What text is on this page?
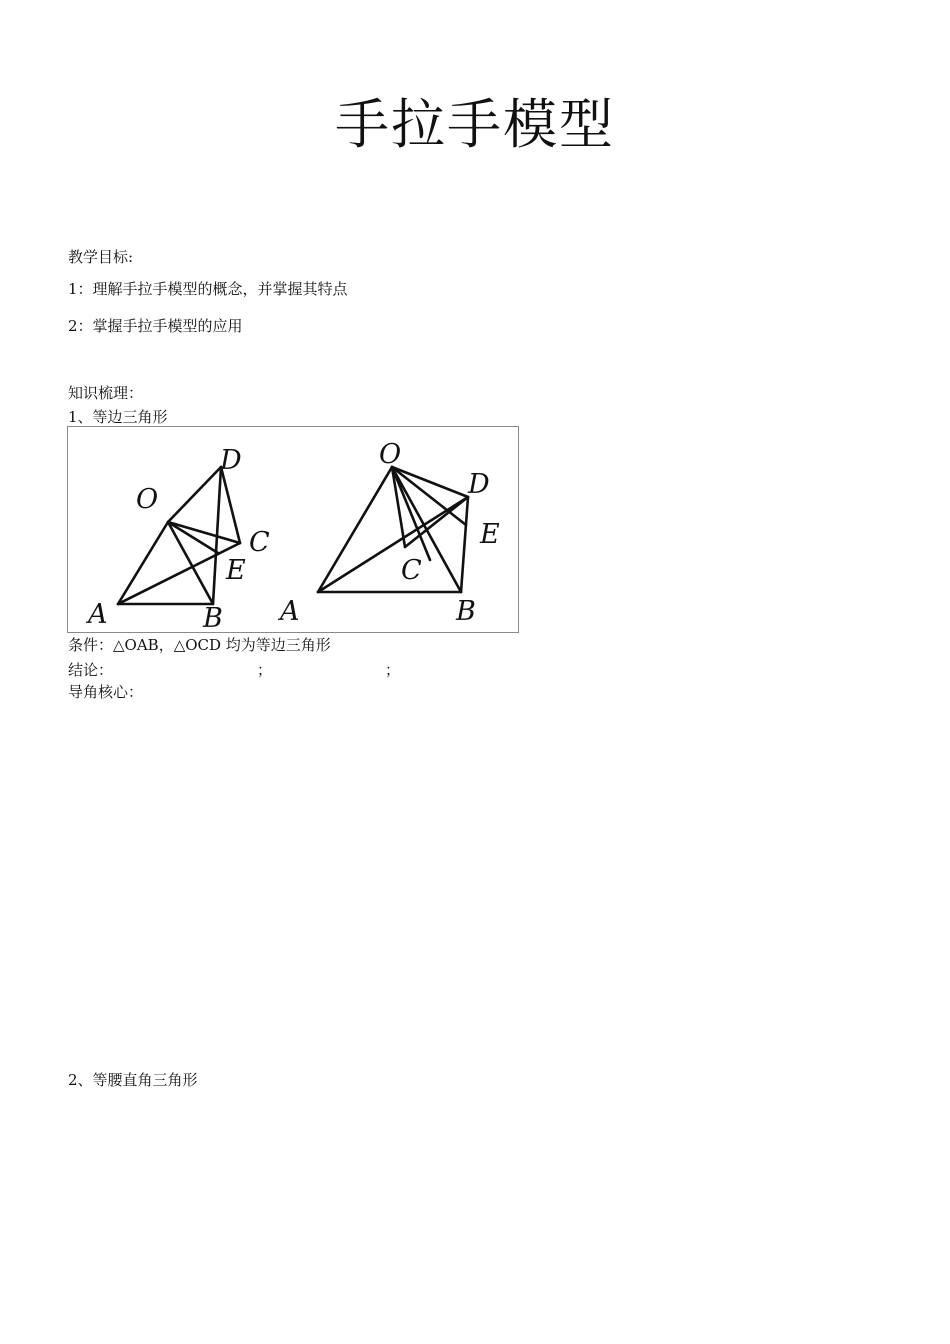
手拉手模型
教学目标:
1：理解手拉手模型的概念，并掌握其特点
2：掌握手拉手模型的应用
知识梳理：
1、等边三角形
O
D
C
E
A	B
O
D
E
C
A	B
条件：△OAB，△OCD 均为等边三角形
结论：	；	；
导角核心：
2、等腰直角三角形
